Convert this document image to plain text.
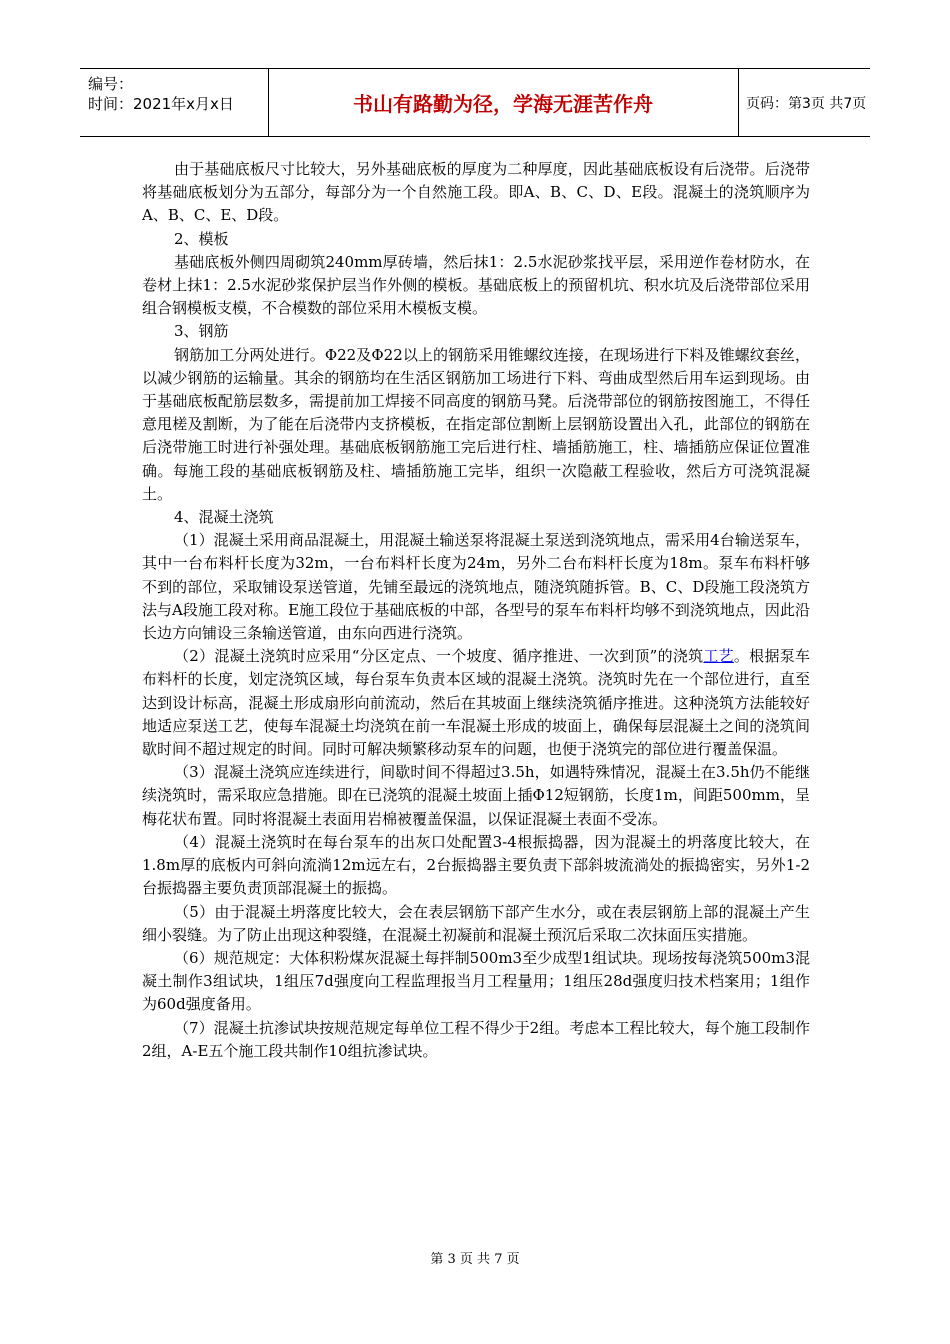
编号：
时间：2021年x月x日	书山有路勤为径，学海无涯苦作舟	页码：第3页 共7页

由于基础底板尺寸比较大，另外基础底板的厚度为二种厚度，因此基础底板设有后浇带。后浇带将基础底板划分为五部分，每部分为一个自然施工段。即A、B、C、D、E段。混凝土的浇筑顺序为A、B、C、E、D段。

2、模板

基础底板外侧四周砌筑240mm厚砖墙，然后抹1：2.5水泥砂浆找平层，采用逆作卷材防水，在卷材上抹1：2.5水泥砂浆保护层当作外侧的模板。基础底板上的预留机坑、积水坑及后浇带部位采用组合钢模板支模，不合模数的部位采用木模板支模。

3、钢筋

钢筋加工分两处进行。Φ22及Φ22以上的钢筋采用锥螺纹连接，在现场进行下料及锥螺纹套丝，以减少钢筋的运输量。其余的钢筋均在生活区钢筋加工场进行下料、弯曲成型然后用车运到现场。由于基础底板配筋层数多，需提前加工焊接不同高度的钢筋马凳。后浇带部位的钢筋按图施工，不得任意甩槎及割断，为了能在后浇带内支挤模板，在指定部位割断上层钢筋设置出入孔，此部位的钢筋在后浇带施工时进行补强处理。基础底板钢筋施工完后进行柱、墙插筋施工，柱、墙插筋应保证位置准确。每施工段的基础底板钢筋及柱、墙插筋施工完毕，组织一次隐蔽工程验收，然后方可浇筑混凝土。

4、混凝土浇筑

（1）混凝土采用商品混凝土，用混凝土输送泵将混凝土泵送到浇筑地点，需采用4台输送泵车，其中一台布料杆长度为32m，一台布料杆长度为24m，另外二台布料杆长度为18m。泵车布料杆够不到的部位，采取铺设泵送管道，先铺至最远的浇筑地点，随浇筑随拆管。B、C、D段施工段浇筑方法与A段施工段对称。E施工段位于基础底板的中部，各型号的泵车布料杆均够不到浇筑地点，因此沿长边方向铺设三条输送管道，由东向西进行浇筑。

（2）混凝土浇筑时应采用“分区定点、一个坡度、循序推进、一次到顶”的浇筑工艺。根据泵车布料杆的长度，划定浇筑区域，每台泵车负责本区域的混凝土浇筑。浇筑时先在一个部位进行，直至达到设计标高，混凝土形成扇形向前流动，然后在其坡面上继续浇筑循序推进。这种浇筑方法能较好地适应泵送工艺，使每车混凝土均浇筑在前一车混凝土形成的坡面上，确保每层混凝土之间的浇筑间歇时间不超过规定的时间。同时可解决频繁移动泵车的问题，也便于浇筑完的部位进行覆盖保温。

（3）混凝土浇筑应连续进行，间歇时间不得超过3.5h，如遇特殊情况，混凝土在3.5h仍不能继续浇筑时，需采取应急措施。即在已浇筑的混凝土坡面上插Φ12短钢筋，长度1m，间距500mm，呈梅花状布置。同时将混凝土表面用岩棉被覆盖保温，以保证混凝土表面不受冻。

（4）混凝土浇筑时在每台泵车的出灰口处配置3-4根振捣器，因为混凝土的坍落度比较大，在1.8m厚的底板内可斜向流淌12m远左右，2台振捣器主要负责下部斜坡流淌处的振捣密实，另外1-2台振捣器主要负责顶部混凝土的振捣。

（5）由于混凝土坍落度比较大，会在表层钢筋下部产生水分，或在表层钢筋上部的混凝土产生细小裂缝。为了防止出现这种裂缝，在混凝土初凝前和混凝土预沉后采取二次抹面压实措施。

（6）规范规定：大体积粉煤灰混凝土每拌制500m3至少成型1组试块。现场按每浇筑500m3混凝土制作3组试块，1组压7d强度向工程监理报当月工程量用；1组压28d强度归技术档案用；1组作为60d强度备用。

（7）混凝土抗渗试块按规范规定每单位工程不得少于2组。考虑本工程比较大，每个施工段制作2组，A-E五个施工段共制作10组抗渗试块。

第 3 页 共 7 页
